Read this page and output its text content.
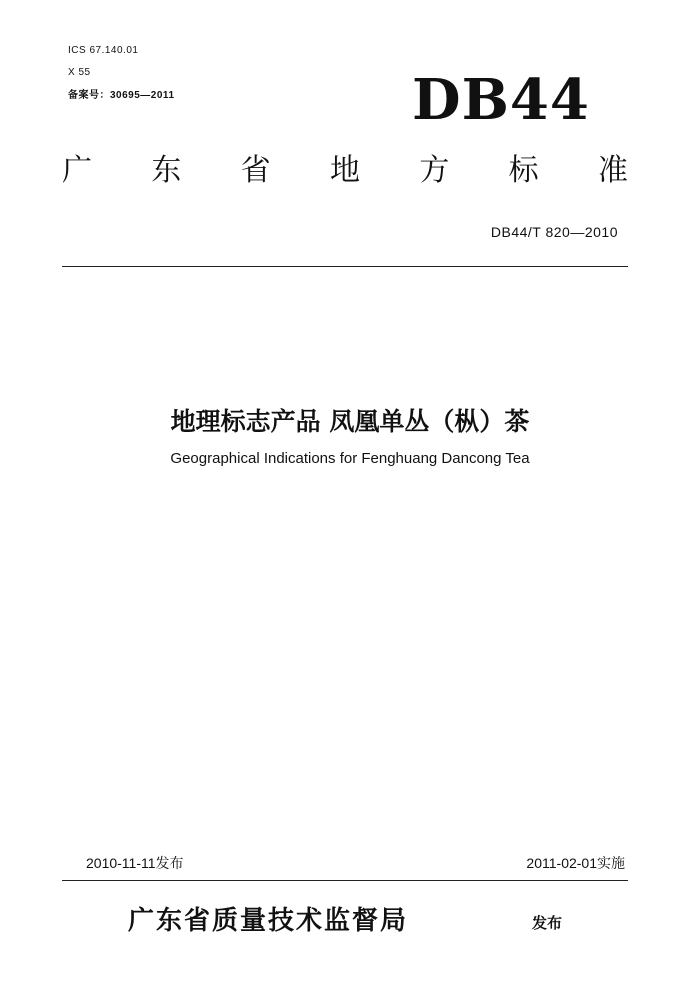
ICS 67.140.01
X 55
备案号：30695—2011	DB44
广 东 省 地 方 标 准
DB44/T 820—2010
地理标志产品 凤凰单丛（枞）茶
Geographical Indications for Fenghuang Dancong Tea
2010-11-11发布	2011-02-01实施
广东省质量技术监督局	发布
